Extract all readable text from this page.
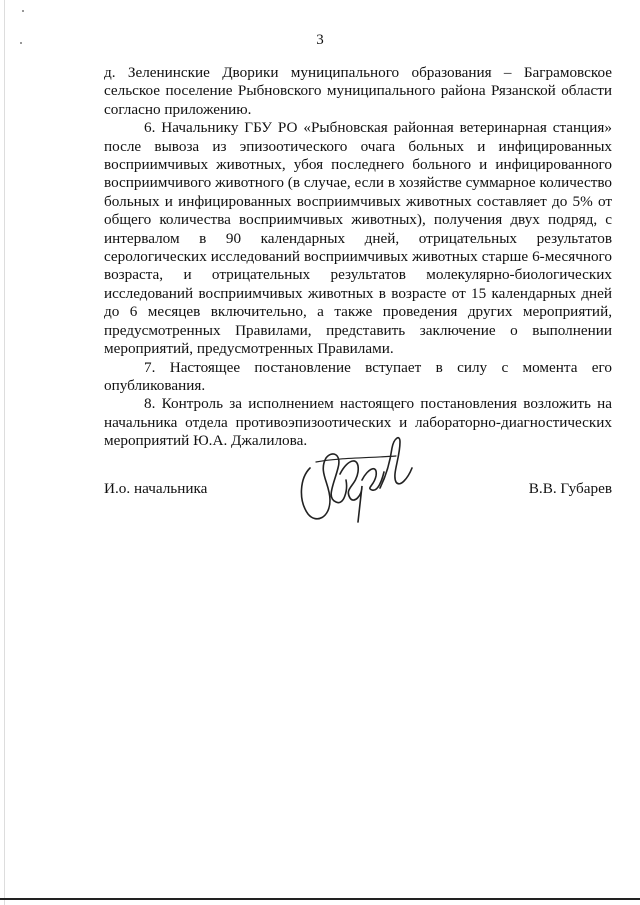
3

д. Зеленинские Дворики муниципального образования – Баграмовское сельское поселение Рыбновского муниципального района Рязанской области согласно приложению.

6. Начальнику ГБУ РО «Рыбновская районная ветеринарная станция» после вывоза из эпизоотического очага больных и инфицированных восприимчивых животных, убоя последнего больного и инфицированного восприимчивого животного (в случае, если в хозяйстве суммарное количество больных и инфицированных восприимчивых животных составляет до 5% от общего количества восприимчивых животных), получения двух подряд, с интервалом в 90 календарных дней, отрицательных результатов серологических исследований восприимчивых животных старше 6-месячного возраста, и отрицательных результатов молекулярно-биологических исследований восприимчивых животных в возрасте от 15 календарных дней до 6 месяцев включительно, а также проведения других мероприятий, предусмотренных Правилами, представить заключение о выполнении мероприятий, предусмотренных Правилами.

7. Настоящее постановление вступает в силу с момента его опубликования.

8. Контроль за исполнением настоящего постановления возложить на начальника отдела противоэпизоотических и лабораторно-диагностических мероприятий Ю.А. Джалилова.

И.о. начальника	В.В. Губарев
